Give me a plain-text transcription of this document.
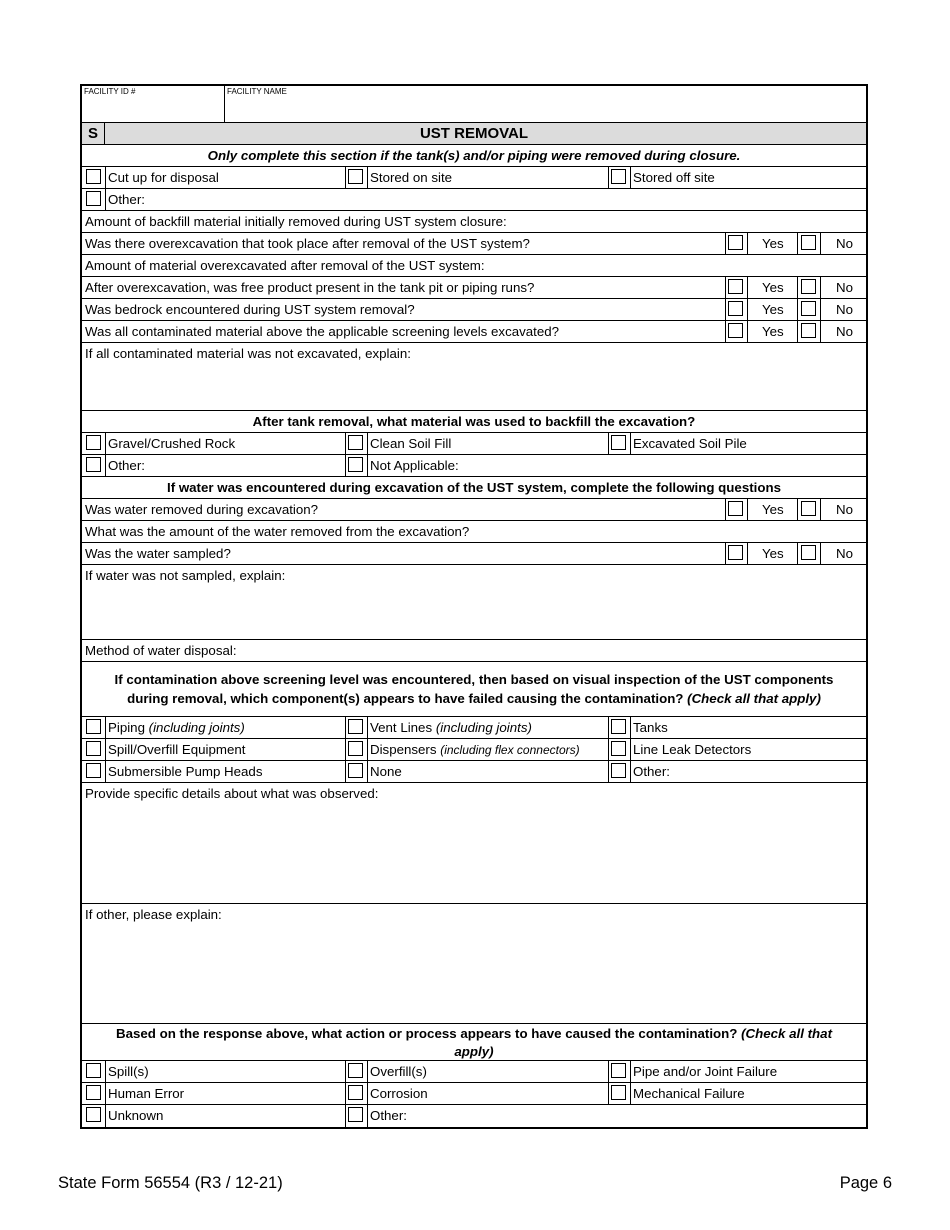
FACILITY ID #	FACILITY NAME
UST REMOVAL
S
Only complete this section if the tank(s) and/or piping were removed during closure.
Cut up for disposal	Stored on site	Stored off site
Other:
Amount of backfill material initially removed during UST system closure:
Was there overexcavation that took place after removal of the UST system?	Yes	No
Amount of material overexcavated after removal of the UST system:
After overexcavation, was free product present in the tank pit or piping runs?	Yes	No
Was bedrock encountered during UST system removal?	Yes	No
Was all contaminated material above the applicable screening levels excavated?	Yes	No
If all contaminated material was not excavated, explain:
After tank removal, what material was used to backfill the excavation?
Gravel/Crushed Rock	Clean Soil Fill	Excavated Soil Pile
Other:	Not Applicable:
If water was encountered during excavation of the UST system, complete the following questions
Was water removed during excavation?	Yes	No
What was the amount of the water removed from the excavation?
Was the water sampled?	Yes	No
If water was not sampled, explain:
Method of water disposal:
If contamination above screening level was encountered, then based on visual inspection of the UST components
during removal, which component(s) appears to have failed causing the contamination? (Check all that apply)
Piping (including joints)	Vent Lines (including joints)	Tanks
Spill/Overfill Equipment	Dispensers (including flex connectors)	Line Leak Detectors
Submersible Pump Heads	None	Other:
Provide specific details about what was observed:
If other, please explain:
Based on the response above, what action or process appears to have caused the contamination? (Check all that
apply)
Spill(s)	Overfill(s)	Pipe and/or Joint Failure
Human Error	Corrosion	Mechanical Failure
Unknown	Other:
State Form 56554 (R3 / 12-21)	Page 6
